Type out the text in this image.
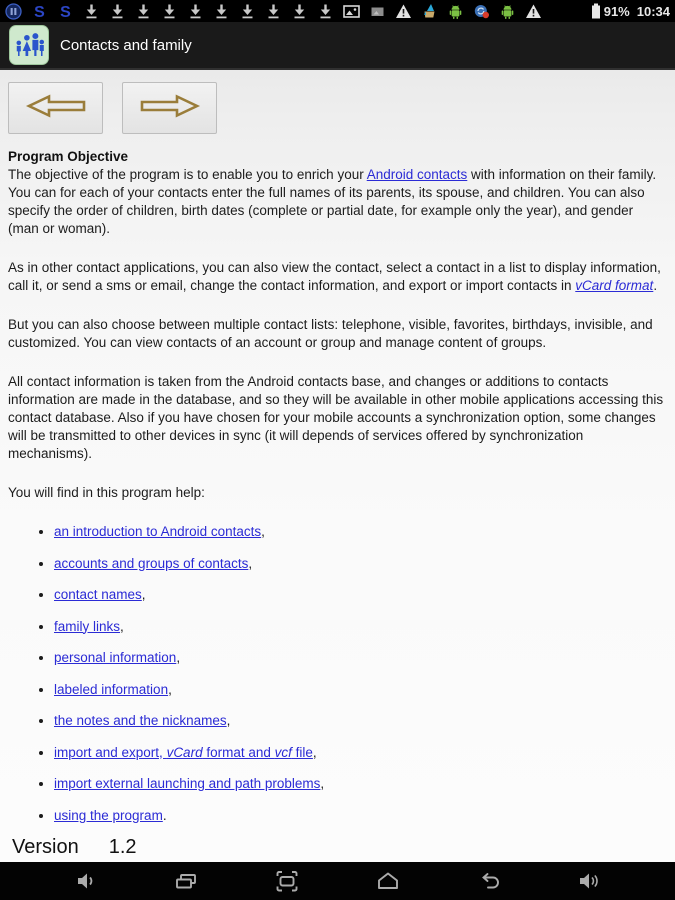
S S	91% 10:34
Contacts and family
Program Objective

The objective of the program is to enable you to enrich your Android contacts with information on their family. You can for each of your contacts enter the full names of its parents, its spouse, and children. You can also specify the order of children, birth dates (complete or partial date, for example only the year), and gender (man or woman).

As in other contact applications, you can also view the contact, select a contact in a list to display information, call it, or send a sms or email, change the contact information, and export or import contacts in vCard format.

But you can also choose between multiple contact lists: telephone, visible, favorites, birthdays, invisible, and customized. You can view contacts of an account or group and manage content of groups.

All contact information is taken from the Android contacts base, and changes or additions to contacts information are made in the database, and so they will be available in other mobile applications accessing this contact database. Also if you have chosen for your mobile accounts a synchronization option, some changes will be transmitted to other devices in sync (it will depends of services offered by synchronization mechanisms).

You will find in this program help:

• an introduction to Android contacts,
• accounts and groups of contacts,
• contact names,
• family links,
• personal information,
• labeled information,
• the notes and the nicknames,
• import and export, vCard format and vcf file,
• import external launching and path problems,
• using the program.
Version 1.2
